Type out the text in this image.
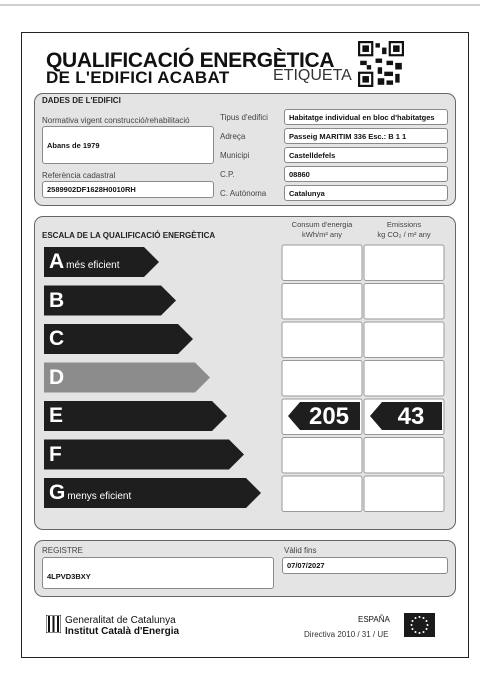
QUALIFICACIÓ ENERGÈTICA
DE L'EDIFICI ACABAT	ETIQUETA
DADES DE L'EDIFICI
Normativa vigent construcció/rehabilitació
Abans de 1979
Referència cadastral
2589902DF1628H0010RH
Tipus d'edifici	Habitatge individual en bloc d'habitatges
Adreça	Passeig MARITIM 336 Esc.: B 1 1
Municipi	Castelldefels
C.P.	08860
C. Autònoma	Catalunya
ESCALA DE LA QUALIFICACIÓ ENERGÈTICA
Consum d'energia
kWh/m² any
Emissions
kg CO₂ / m² any
Amés eficient
B
C
D
E	205	43
F
Gmenys eficient
REGISTRE
4LPVD3BXY
Vàlid fins
07/07/2027
Generalitat de Catalunya
Institut Català d'Energia
ESPAÑA
Directiva 2010 / 31 / UE
